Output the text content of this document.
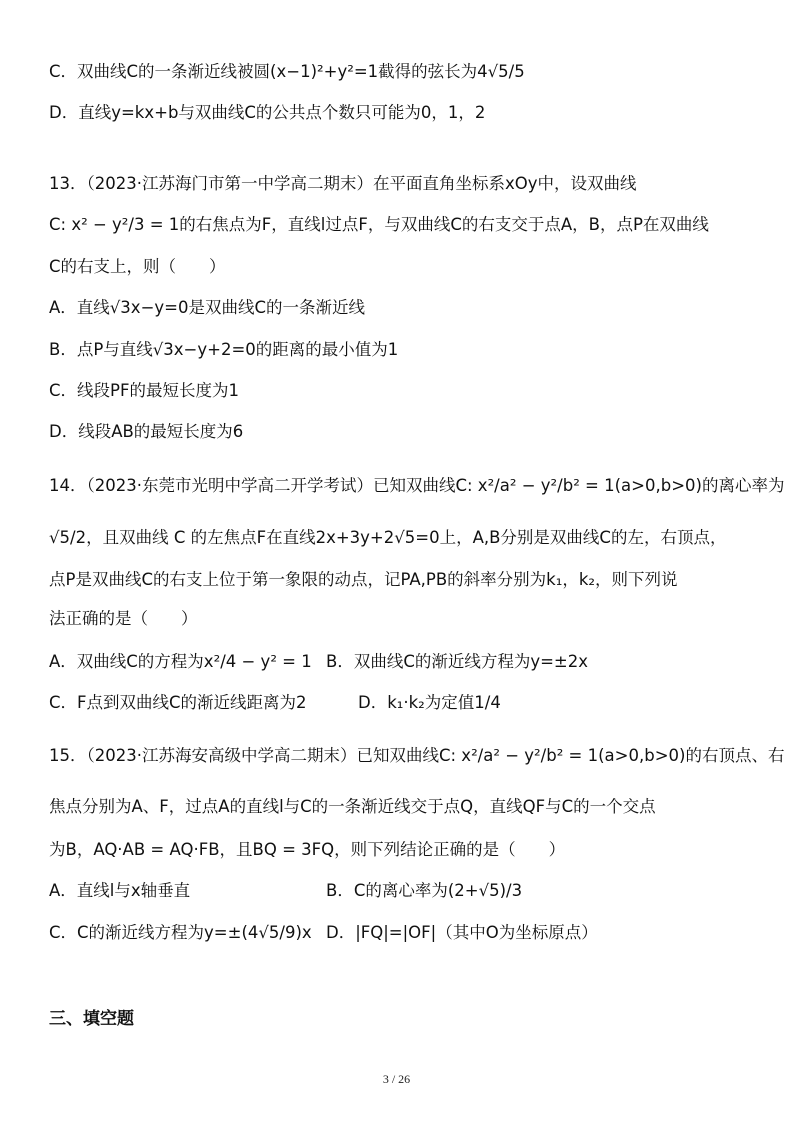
C．双曲线C的一条渐近线被圆(x−1)²+y²=1截得的弦长为4√5/5
D．直线y=kx+b与双曲线C的公共点个数只可能为0，1，2
13．（2023·江苏海门市第一中学高二期末）在平面直角坐标系xOy中，设双曲线
C: x² − y²/3 = 1的右焦点为F，直线l过点F，与双曲线C的右支交于点A，B，点P在双曲线
C的右支上，则（　　）
A．直线√3x−y=0是双曲线C的一条渐近线
B．点P与直线√3x−y+2=0的距离的最小值为1
C．线段PF的最短长度为1
D．线段AB的最短长度为6
14．（2023·东莞市光明中学高二开学考试）已知双曲线C: x²/a² − y²/b² = 1(a>0,b>0)的离心率为
√5/2，且双曲线 C 的左焦点F在直线2x+3y+2√5=0上，A,B分别是双曲线C的左，右顶点，
点P是双曲线C的右支上位于第一象限的动点，记PA,PB的斜率分别为k₁，k₂，则下列说
法正确的是（　　）
A．双曲线C的方程为x²/4 − y² = 1 B．双曲线C的渐近线方程为y=±2x
C．F点到双曲线C的渐近线距离为2	D．k₁·k₂为定值1/4
15．（2023·江苏海安高级中学高二期末）已知双曲线C: x²/a² − y²/b² = 1(a>0,b>0)的右顶点、右
焦点分别为A、F，过点A的直线l与C的一条渐近线交于点Q，直线QF与C的一个交点
为B，AQ·AB = AQ·FB，且BQ = 3FQ，则下列结论正确的是（　　）
A．直线l与x轴垂直	B．C的离心率为(2+√5)/3
C．C的渐近线方程为y=±(4√5/9)x D．|FQ|=|OF|（其中O为坐标原点）
三、填空题
3 / 26
